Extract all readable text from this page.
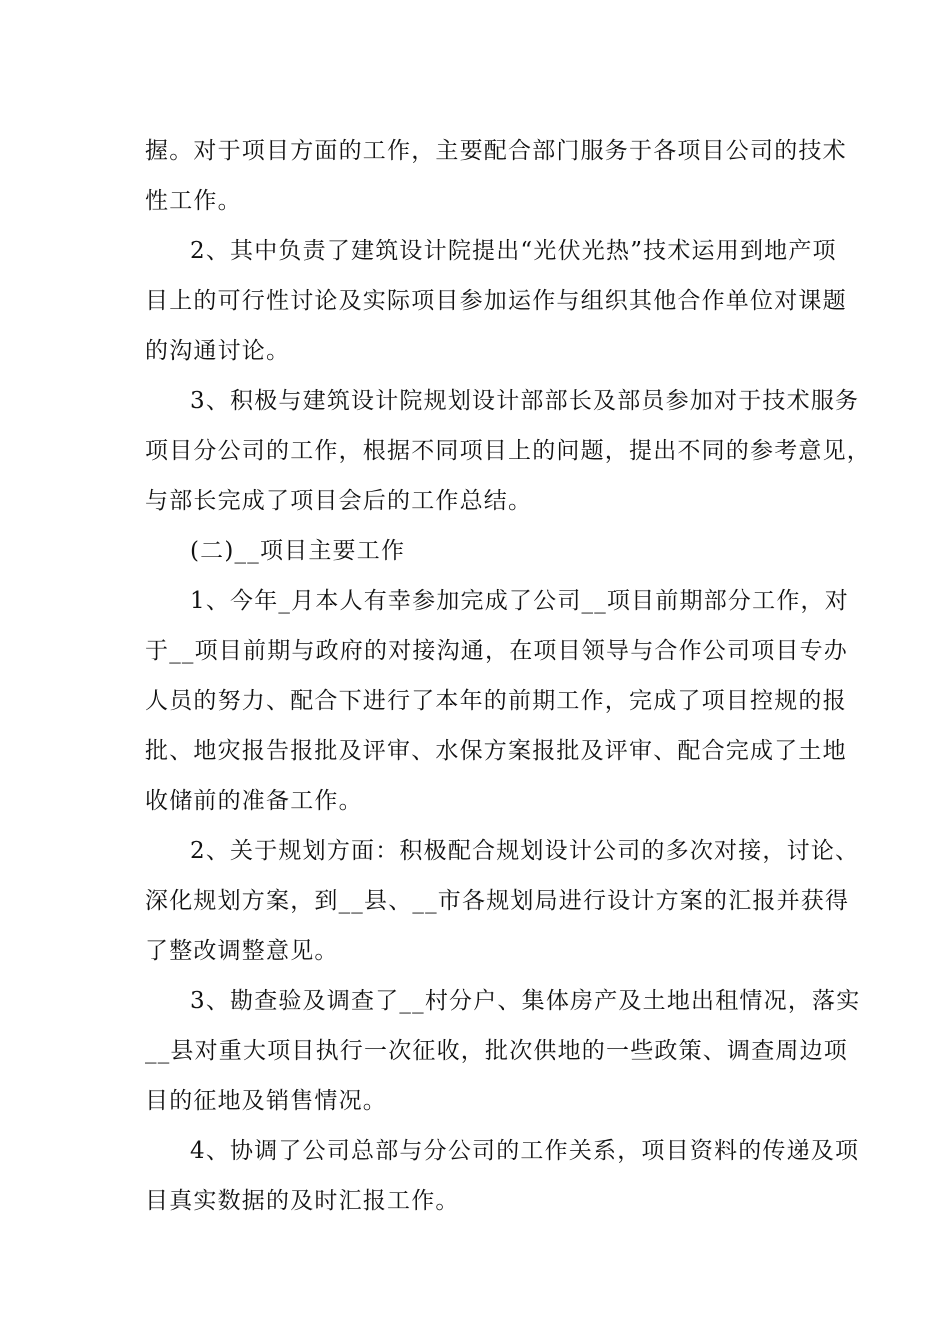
握。对于项目方面的工作，主要配合部门服务于各项目公司的技术
性工作。
2、其中负责了建筑设计院提出“光伏光热”技术运用到地产项
目上的可行性讨论及实际项目参加运作与组织其他合作单位对课题
的沟通讨论。
3、积极与建筑设计院规划设计部部长及部员参加对于技术服务
项目分公司的工作，根据不同项目上的问题，提出不同的参考意见，
与部长完成了项目会后的工作总结。
(二)__项目主要工作
1、今年_月本人有幸参加完成了公司__项目前期部分工作，对
于__项目前期与政府的对接沟通，在项目领导与合作公司项目专办
人员的努力、配合下进行了本年的前期工作，完成了项目控规的报
批、地灾报告报批及评审、水保方案报批及评审、配合完成了土地
收储前的准备工作。
2、关于规划方面：积极配合规划设计公司的多次对接，讨论、
深化规划方案，到__县、__市各规划局进行设计方案的汇报并获得
了整改调整意见。
3、勘查验及调查了__村分户、集体房产及土地出租情况，落实
__县对重大项目执行一次征收，批次供地的一些政策、调查周边项
目的征地及销售情况。
4、协调了公司总部与分公司的工作关系，项目资料的传递及项
目真实数据的及时汇报工作。
